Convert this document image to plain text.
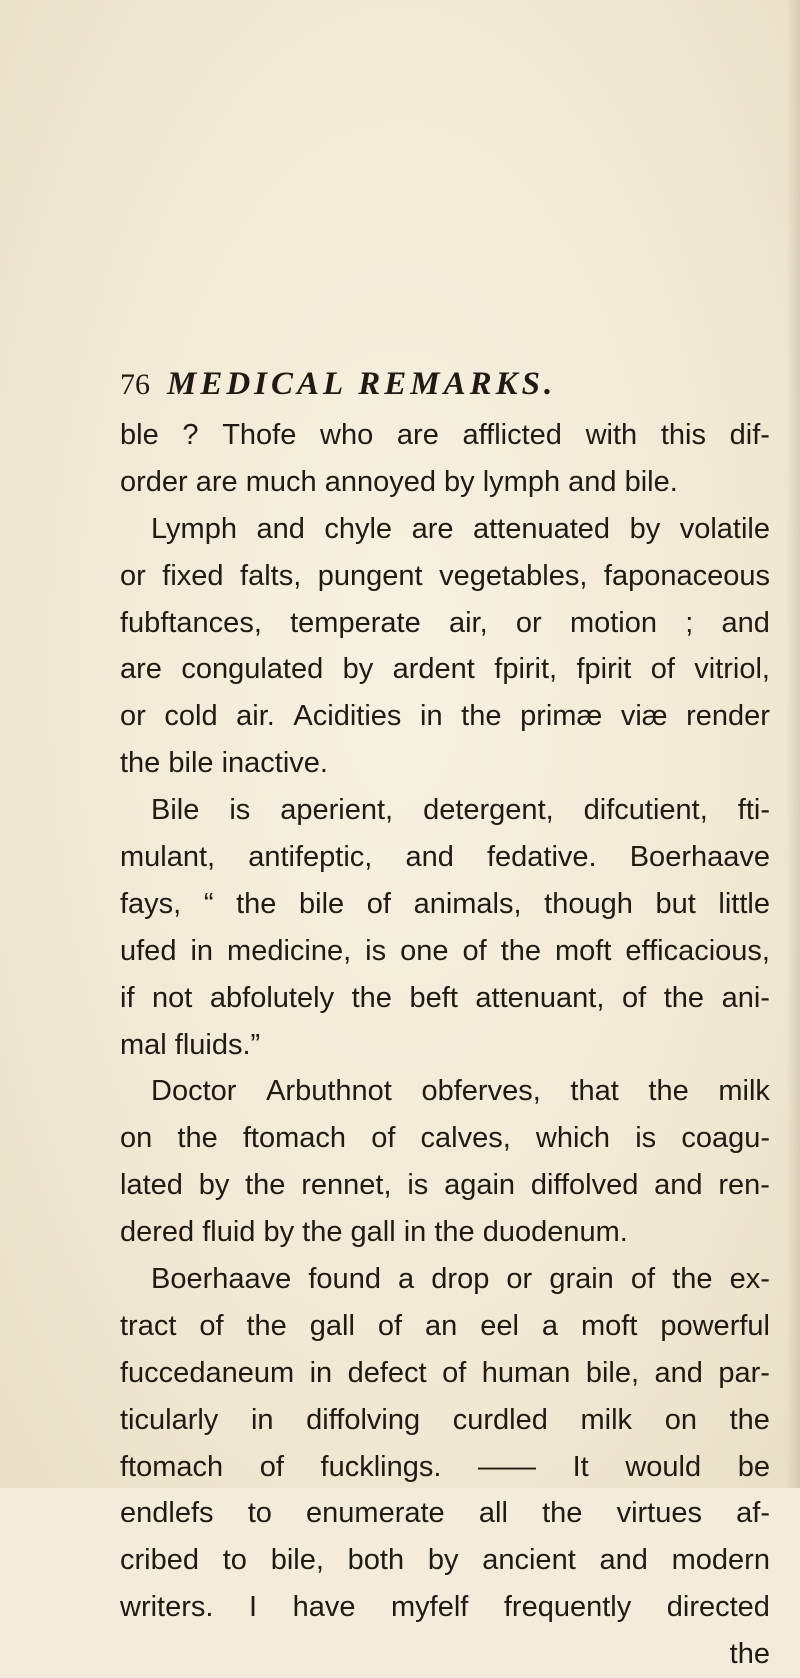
76 MEDICAL REMARKS.
ble ? Thofe who are afflicted with this dif-
order are much annoyed by lymph and bile.
Lymph and chyle are attenuated by volatile
or fixed falts, pungent vegetables, faponaceous
fubftances, temperate air, or motion ; and
are congulated by ardent fpirit, fpirit of vitriol,
or cold air. Acidities in the primæ viæ render
the bile inactive.
Bile is aperient, detergent, difcutient, fti-
mulant, antifeptic, and fedative. Boerhaave
fays, “ the bile of animals, though but little
ufed in medicine, is one of the moft efficacious,
if not abfolutely the beft attenuant, of the ani-
mal fluids.”
Doctor Arbuthnot obferves, that the milk
on the ftomach of calves, which is coagu-
lated by the rennet, is again diffolved and ren-
dered fluid by the gall in the duodenum.
Boerhaave found a drop or grain of the ex-
tract of the gall of an eel a moft powerful
fuccedaneum in defect of human bile, and par-
ticularly in diffolving curdled milk on the
ftomach of fucklings. —— It would be
endlefs to enumerate all the virtues af-
cribed to bile, both by ancient and modern
writers. I have myfelf frequently directed
the
